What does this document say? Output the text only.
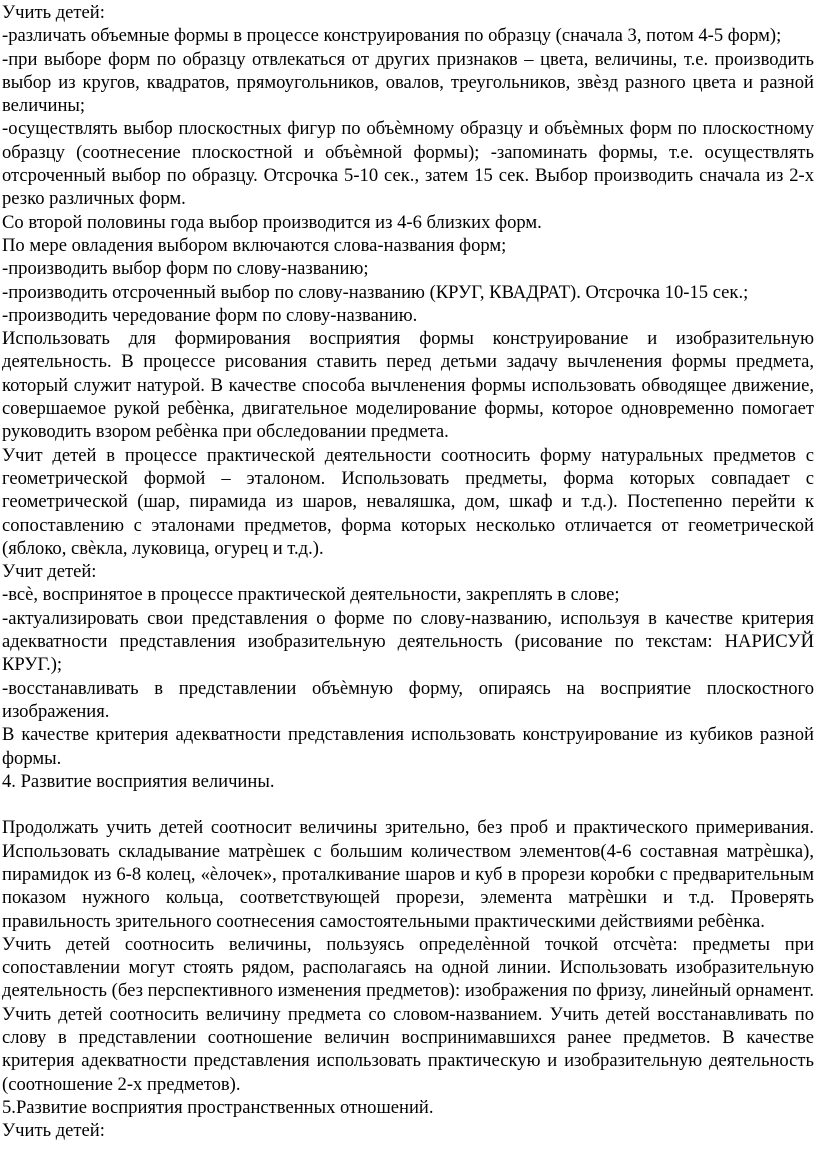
Учить детей:

-различать объемные формы в процессе конструирования по образцу (сначала 3, потом 4-5 форм);

-при выборе форм по образцу отвлекаться от других признаков – цвета, величины, т.е. производить выбор из кругов, квадратов, прямоугольников, овалов, треугольников, звѐзд разного цвета и разной величины;

-осуществлять выбор плоскостных фигур по объѐмному образцу и объѐмных форм по плоскостному образцу (соотнесение плоскостной и объѐмной формы); -запоминать формы, т.е. осуществлять отсроченный выбор по образцу. Отсрочка 5-10 сек., затем 15 сек. Выбор производить сначала из 2-х резко различных форм.

Со второй половины года выбор производится из 4-6 близких форм.

По мере овладения выбором включаются слова-названия форм;

-производить выбор форм по слову-названию;

-производить отсроченный выбор по слову-названию (КРУГ, КВАДРАТ). Отсрочка 10-15 сек.;

-производить чередование форм по слову-названию.

Использовать для формирования восприятия формы конструирование и изобразительную деятельность. В процессе рисования ставить перед детьми задачу вычленения формы предмета, который служит натурой. В качестве способа вычленения формы использовать обводящее движение, совершаемое рукой ребѐнка, двигательное моделирование формы, которое одновременно помогает руководить взором ребѐнка при обследовании предмета.

Учит детей в процессе практической деятельности соотносить форму натуральных предметов с геометрической формой – эталоном. Использовать предметы, форма которых совпадает с геометрической (шар, пирамида из шаров, неваляшка, дом, шкаф и т.д.). Постепенно перейти к сопоставлению с эталонами предметов, форма которых несколько отличается от геометрической (яблоко, свѐкла, луковица, огурец и т.д.).

Учит детей:

-всѐ, воспринятое в процессе практической деятельности, закреплять в слове;

-актуализировать свои представления о форме по слову-названию, используя в качестве критерия адекватности представления изобразительную деятельность (рисование по текстам: НАРИСУЙ КРУГ.);

-восстанавливать в представлении объѐмную форму, опираясь на восприятие плоскостного изображения.

В качестве критерия адекватности представления использовать конструирование из кубиков разной формы.

4. Развитие восприятия величины.

Продолжать учить детей соотносит величины зрительно, без проб и практического примеривания. Использовать складывание матрѐшек с большим количеством элементов(4-6 составная матрѐшка), пирамидок из 6-8 колец, «ѐлочек», проталкивание шаров и куб в прорези коробки с предварительным показом нужного кольца, соответствующей прорези, элемента матрѐшки и т.д. Проверять правильность зрительного соотнесения самостоятельными практическими действиями ребѐнка.

Учить детей соотносить величины, пользуясь определѐнной точкой отсчѐта: предметы при сопоставлении могут стоять рядом, располагаясь на одной линии. Использовать изобразительную деятельность (без перспективного изменения предметов): изображения по фризу, линейный орнамент. Учить детей соотносить величину предмета со словом-названием. Учить детей восстанавливать по слову в представлении соотношение величин воспринимавшихся ранее предметов. В качестве критерия адекватности представления использовать практическую и изобразительную деятельность (соотношение 2-х предметов).

5.Развитие восприятия пространственных отношений.

Учить детей:
